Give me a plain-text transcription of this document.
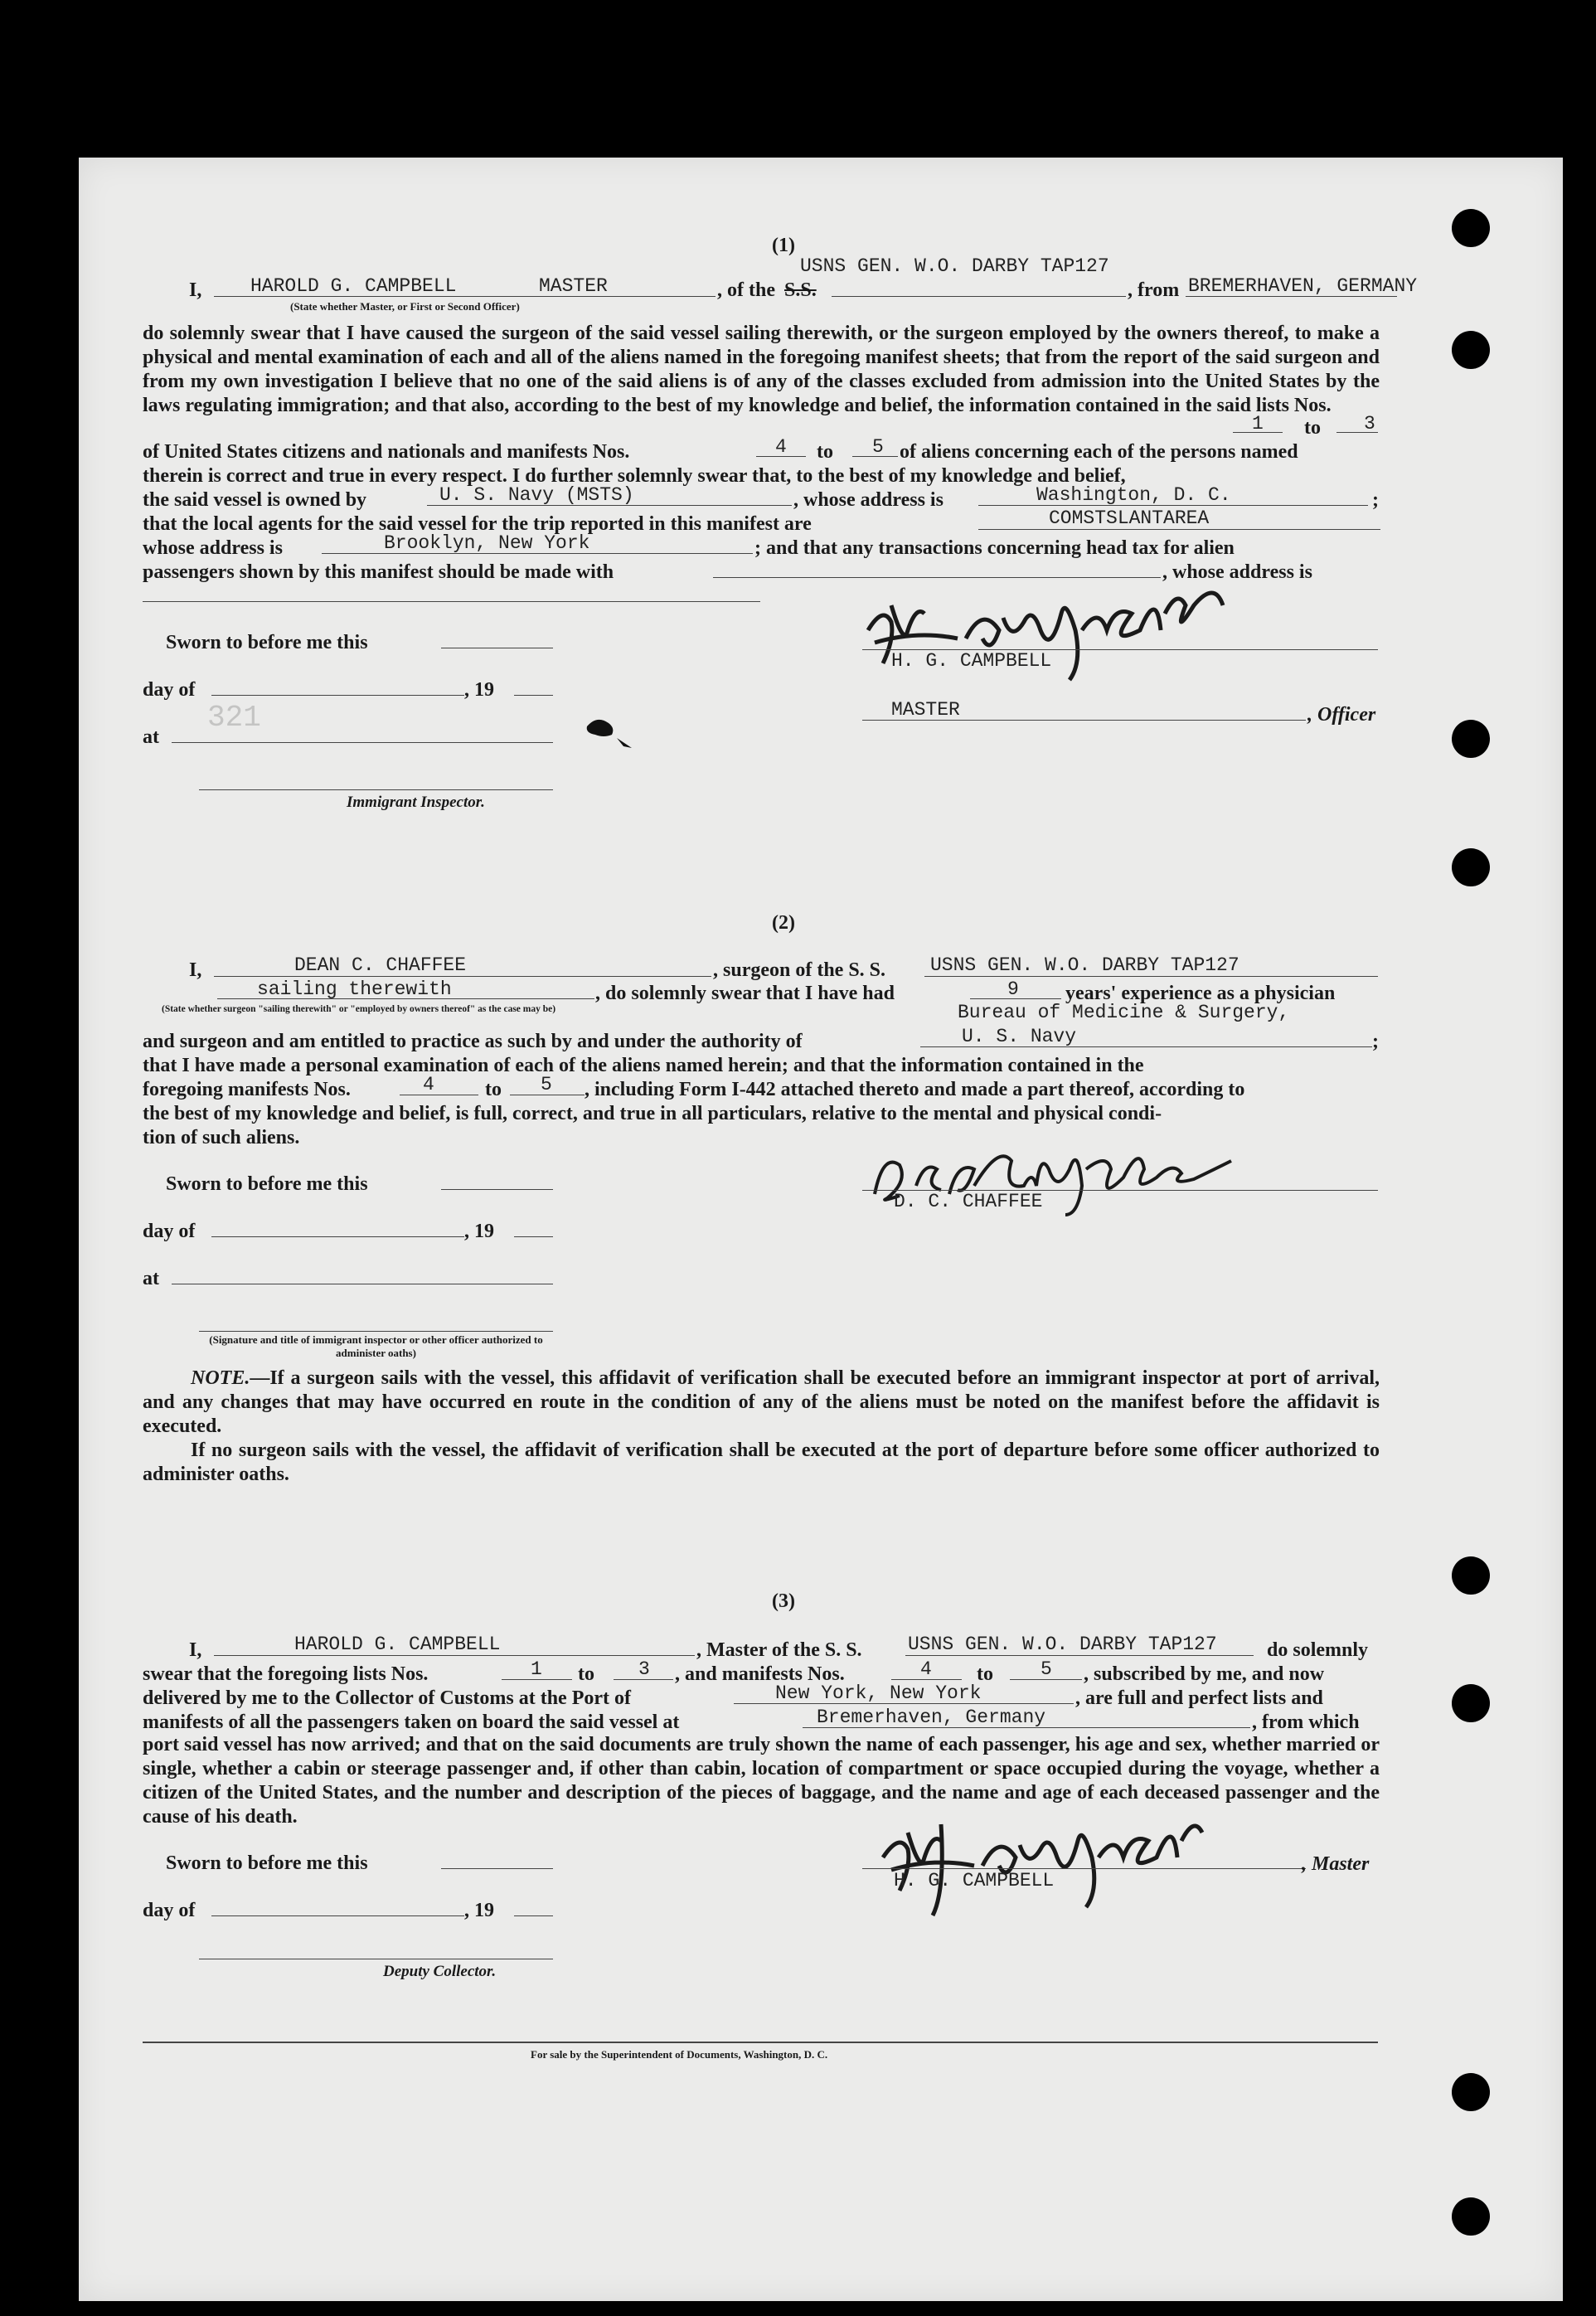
(1)
I,	HAROLD G. CAMPBELL	MASTER
(State whether Master, or First or Second Officer)
, of the S.S.
USNS GEN. W.O. DARBY TAP127
, from BREMERHAVEN, GERMANY
do solemnly swear that I have caused the surgeon of the said vessel sailing therewith, or the surgeon employed by the owners thereof, to make a physical and mental examination of each and all of the aliens named in the foregoing manifest sheets; that from the report of the said surgeon and from my own investigation I believe that no one of the said aliens is of any of the classes excluded from admission into the United States by the laws regulating immigration; and that also, according to the best of my knowledge and belief, the information contained in the said lists Nos.
1 to 3
of United States citizens and nationals and manifests Nos.	4 to 5 of aliens concerning each of the persons named
therein is correct and true in every respect. I do further solemnly swear that, to the best of my knowledge and belief,
the said vessel is owned by	U. S. Navy (MSTS)	, whose address is	Washington, D. C.	;
that the local agents for the said vessel for the trip reported in this manifest are	COMSTSLANTAREA
whose address is	Brooklyn, New York	; and that any transactions concerning head tax for alien
passengers shown by this manifest should be made with	, whose address is
Sworn to before me this
day of	, 19
at
321
Immigrant Inspector.
H. G. CAMPBELL
MASTER	, Officer
(2)
I,	DEAN C. CHAFFEE	, surgeon of the S. S. USNS GEN. W.O. DARBY TAP127
sailing therewith	, do solemnly swear that I have had	9 years' experience as a physician
(State whether surgeon "sailing therewith" or "employed by owners thereof" as the case may be)	Bureau of Medicine & Surgery,
and surgeon and am entitled to practice as such by and under the authority of	U. S. Navy	;
that I have made a personal examination of each of the aliens named herein; and that the information contained in the
foregoing manifests Nos.	4	to 5 , including Form I-442 attached thereto and made a part thereof, according to
the best of my knowledge and belief, is full, correct, and true in all particulars, relative to the mental and physical condi-
tion of such aliens.
Sworn to before me this
day of	, 19
at
(Signature and title of immigrant inspector or other officer authorized to administer oaths)
D. C. CHAFFEE
NOTE.—If a surgeon sails with the vessel, this affidavit of verification shall be executed before an immigrant inspector at port of arrival, and any changes that may have occurred en route in the condition of any of the aliens must be noted on the manifest before the affidavit is executed.
If no surgeon sails with the vessel, the affidavit of verification shall be executed at the port of departure before some officer authorized to administer oaths.
(3)
I,	HAROLD G. CAMPBELL	, Master of the S. S. USNS GEN. W.O. DARBY TAP127	do solemnly
swear that the foregoing lists Nos.	1 to 3 , and manifests Nos.	4 to 5 , subscribed by me, and now
delivered by me to the Collector of Customs at the Port of	New York, New York	, are full and perfect lists and
manifests of all the passengers taken on board the said vessel at	Bremerhaven, Germany	, from which
port said vessel has now arrived; and that on the said documents are truly shown the name of each passenger, his age and sex, whether married or single, whether a cabin or steerage passenger and, if other than cabin, location of compartment or space occupied during the voyage, whether a citizen of the United States, and the number and description of the pieces of baggage, and the name and age of each deceased passenger and the cause of his death.
Sworn to before me this
day of	, 19
Deputy Collector.
, Master
H. G. CAMPBELL
For sale by the Superintendent of Documents, Washington, D. C.
